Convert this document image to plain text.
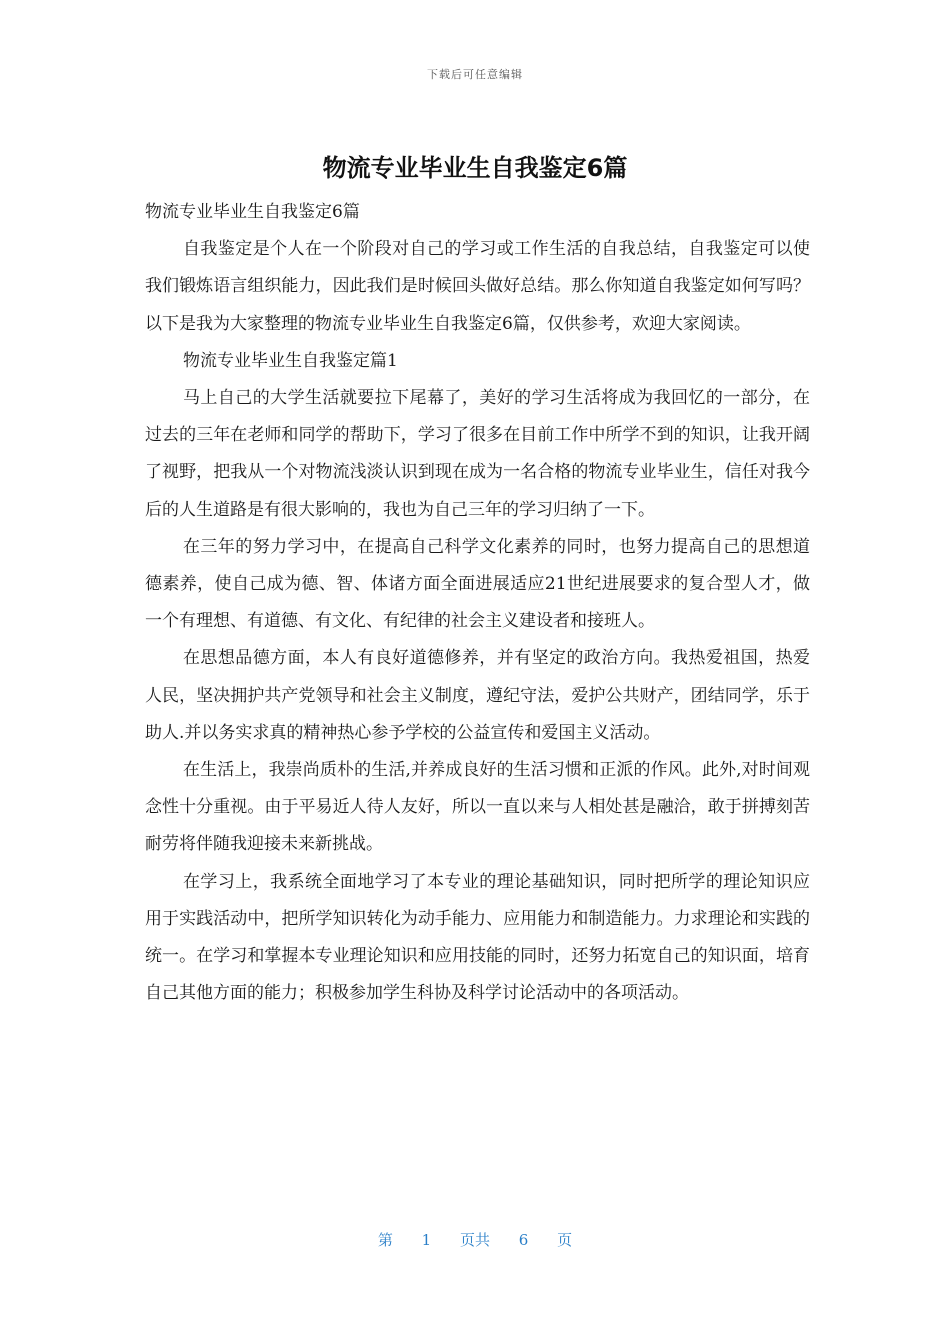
下载后可任意编辑
物流专业毕业生自我鉴定6篇

物流专业毕业生自我鉴定6篇

自我鉴定是个人在一个阶段对自己的学习或工作生活的自我总结，自我鉴定可以使我们锻炼语言组织能力，因此我们是时候回头做好总结。那么你知道自我鉴定如何写吗？以下是我为大家整理的物流专业毕业生自我鉴定6篇，仅供参考，欢迎大家阅读。

物流专业毕业生自我鉴定篇1

马上自己的大学生活就要拉下尾幕了，美好的学习生活将成为我回忆的一部分，在过去的三年在老师和同学的帮助下，学习了很多在目前工作中所学不到的知识，让我开阔了视野，把我从一个对物流浅淡认识到现在成为一名合格的物流专业毕业生，信任对我今后的人生道路是有很大影响的，我也为自己三年的学习归纳了一下。

在三年的努力学习中，在提高自己科学文化素养的同时，也努力提高自己的思想道德素养，使自己成为德、智、体诸方面全面进展适应21世纪进展要求的复合型人才，做一个有理想、有道德、有文化、有纪律的社会主义建设者和接班人。

在思想品德方面，本人有良好道德修养，并有坚定的政治方向。我热爱祖国，热爱人民，坚决拥护共产党领导和社会主义制度，遵纪守法，爱护公共财产，团结同学，乐于助人.并以务实求真的精神热心参予学校的公益宣传和爱国主义活动。

在生活上，我崇尚质朴的生活,并养成良好的生活习惯和正派的作风。此外,对时间观念性十分重视。由于平易近人待人友好，所以一直以来与人相处甚是融洽，敢于拼搏刻苦耐劳将伴随我迎接未来新挑战。

在学习上，我系统全面地学习了本专业的理论基础知识，同时把所学的理论知识应用于实践活动中，把所学知识转化为动手能力、应用能力和制造能力。力求理论和实践的统一。在学习和掌握本专业理论知识和应用技能的同时，还努力拓宽自己的知识面，培育自己其他方面的能力；积极参加学生科协及科学讨论活动中的各项活动。

第 1 页共 6 页
